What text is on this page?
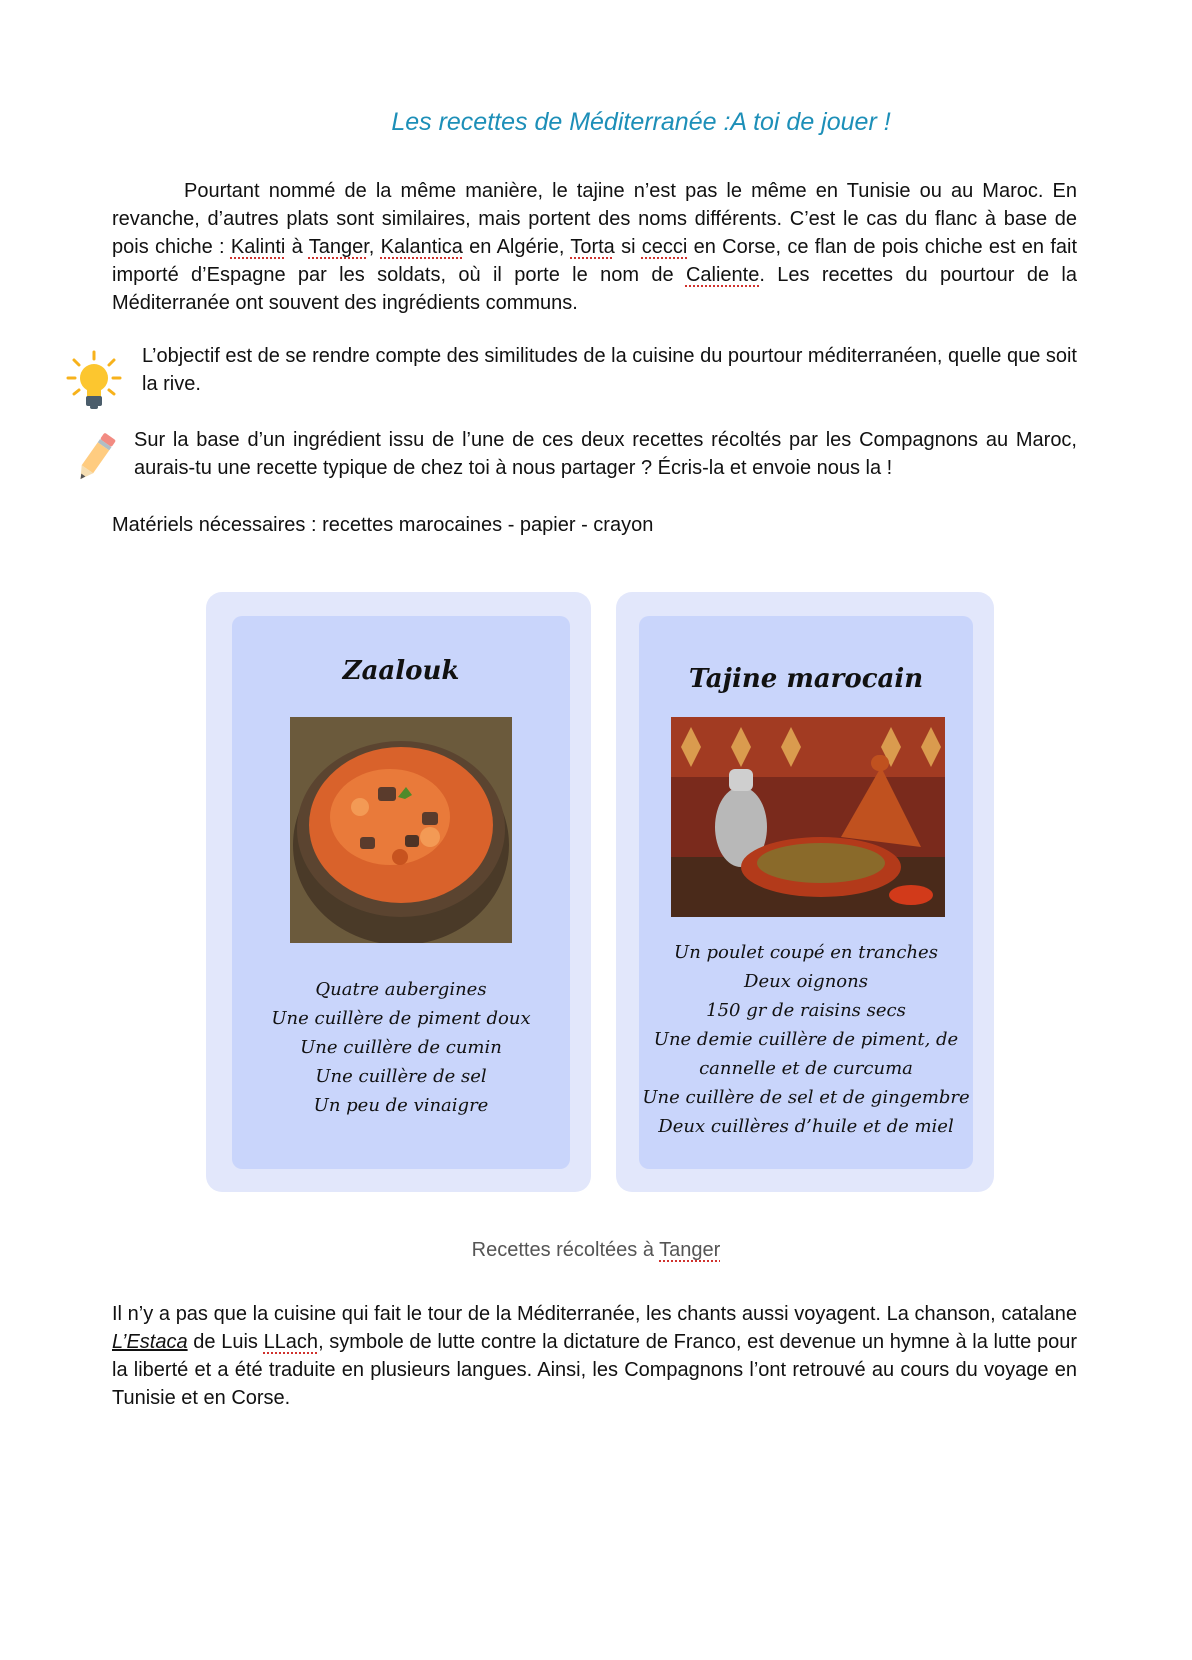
Les recettes de Méditerranée :A toi de jouer !
Pourtant nommé de la même manière, le tajine n’est pas le même en Tunisie ou au Maroc. En revanche, d’autres plats sont similaires, mais portent des noms différents. C’est le cas du flanc à base de pois chiche : Kalinti à Tanger, Kalantica en Algérie, Torta si cecci en Corse, ce flan de pois chiche est en fait importé d’Espagne par les soldats, où il porte le nom de Caliente. Les recettes du pourtour de la Méditerranée ont souvent des ingrédients communs.
L’objectif est de se rendre compte des similitudes de la cuisine du pourtour méditerranéen, quelle que soit la rive.
Sur la base d’un ingrédient issu de l’une de ces deux recettes récoltés par les Compagnons au Maroc, aurais-tu une recette typique de chez toi à nous partager ? Écris-la et envoie nous la !
Matériels nécessaires : recettes marocaines - papier - crayon
Zaalouk
Quatre aubergines
Une cuillère de piment doux
Une cuillère de cumin
Une cuillère de sel
Un peu de vinaigre
Tajine marocain
Un poulet coupé en tranches
Deux oignons
150 gr de raisins secs
Une demie cuillère de piment, de
cannelle et de curcuma
Une cuillère de sel et de gingembre
Deux cuillères d’huile et de miel
Recettes récoltées à Tanger
Il n’y a pas que la cuisine qui fait le tour de la Méditerranée, les chants aussi voyagent. La chanson, catalane L’Estaca de Luis LLach, symbole de lutte contre la dictature de Franco, est devenue un hymne à la lutte pour la liberté et a été traduite en plusieurs langues. Ainsi, les Compagnons l’ont retrouvé au cours du voyage en Tunisie et en Corse.
